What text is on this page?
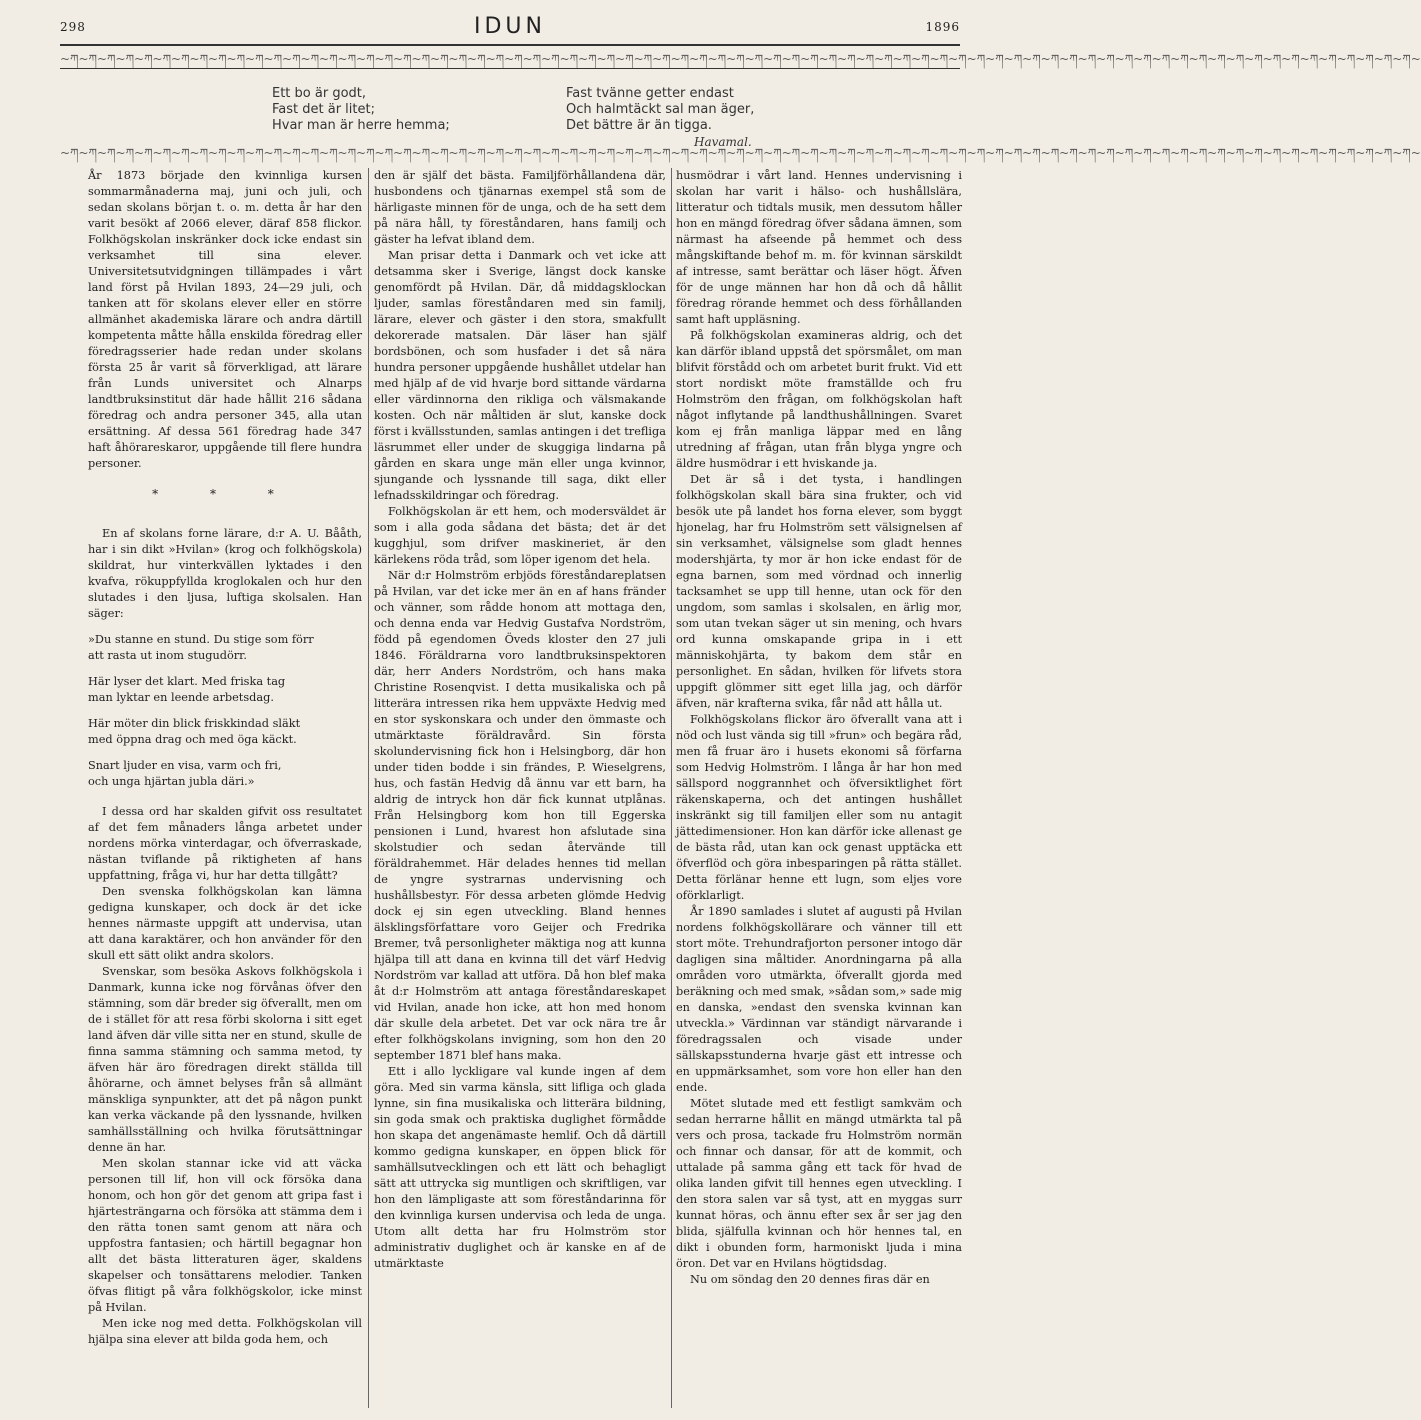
298	IDUN	1896
~ཀ~ཀ~ཀ~ཀ~ཀ~ཀ~ཀ~ཀ~ཀ~ཀ~ཀ~ཀ~ཀ~ཀ~ཀ~ཀ~ཀ~ཀ~ཀ~ཀ~ཀ~ཀ~ཀ~ཀ~ཀ~ཀ~ཀ~ཀ~ཀ~ཀ~ཀ~ཀ~ཀ~ཀ~ཀ~ཀ~ཀ~ཀ~ཀ~ཀ~ཀ~ཀ~ཀ~ཀ~ཀ~ཀ~ཀ~ཀ~ཀ~ཀ~ཀ~ཀ~ཀ~ཀ~ཀ~ཀ~ཀ~ཀ~ཀ~ཀ~ཀ~ཀ~ཀ~ཀ~ཀ~ཀ~ཀ~ཀ~ཀ~ཀ~ཀ~ཀ~ཀ~
Ett bo är godt,
Fast det är litet;
Hvar man är herre hemma;
Fast tvänne getter endast
Och halmtäckt sal man äger,
Det bättre är än tigga.
Havamal.
~ཀ~ཀ~ཀ~ཀ~ཀ~ཀ~ཀ~ཀ~ཀ~ཀ~ཀ~ཀ~ཀ~ཀ~ཀ~ཀ~ཀ~ཀ~ཀ~ཀ~ཀ~ཀ~ཀ~ཀ~ཀ~ཀ~ཀ~ཀ~ཀ~ཀ~ཀ~ཀ~ཀ~ཀ~ཀ~ཀ~ཀ~ཀ~ཀ~ཀ~ཀ~ཀ~ཀ~ཀ~ཀ~ཀ~ཀ~ཀ~ཀ~ཀ~ཀ~ཀ~ཀ~ཀ~ཀ~ཀ~ཀ~ཀ~ཀ~ཀ~ཀ~ཀ~ཀ~ཀ~ཀ~ཀ~ཀ~ཀ~ཀ~ཀ~ཀ~ཀ~ཀ~

År 1873 började den kvinnliga kursen sommarmånaderna maj, juni och juli, och sedan skolans början t. o. m. detta år har den varit besökt af 2066 elever, däraf 858 flickor. Folkhögskolan inskränker dock icke endast sin verksamhet till sina elever. Universitetsutvidgningen tillämpades i vårt land först på Hvilan 1893, 24—29 juli, och tanken att för skolans elever eller en större allmänhet akademiska lärare och andra därtill kompetenta måtte hålla enskilda föredrag eller föredragsserier hade redan under skolans första 25 år varit så förverkligad, att lärare från Lunds universitet och Alnarps landtbruksinstitut där hade hållit 216 sådana föredrag och andra personer 345, alla utan ersättning. Af dessa 561 föredrag hade 347 haft åhörareskaror, uppgående till flere hundra personer.

* * *

En af skolans forne lärare, d:r A. U. Bååth, har i sin dikt »Hvilan» (krog och folkhögskola) skildrat, hur vinterkvällen lyktades i den kvafva, rökuppfyllda kroglokalen och hur den slutades i den ljusa, luftiga skolsalen. Han säger:

»Du stanne en stund. Du stige som förr
att rasta ut inom stugudörr.

Här lyser det klart. Med friska tag
man lyktar en leende arbetsdag.

Här möter din blick friskkindad släkt
med öppna drag och med öga käckt.

Snart ljuder en visa, varm och fri,
och unga hjärtan jubla däri.»

I dessa ord har skalden gifvit oss resultatet af det fem månaders långa arbetet under nordens mörka vinterdagar, och öfverraskade, nästan tviflande på riktigheten af hans uppfattning, fråga vi, hur har detta tillgått?

Den svenska folkhögskolan kan lämna gedigna kunskaper, och dock är det icke hennes närmaste uppgift att undervisa, utan att dana karaktärer, och hon använder för den skull ett sätt olikt andra skolors.

Svenskar, som besöka Askovs folkhögskola i Danmark, kunna icke nog förvånas öfver den stämning, som där breder sig öfverallt, men om de i stället för att resa förbi skolorna i sitt eget land äfven där ville sitta ner en stund, skulle de finna samma stämning och samma metod, ty äfven här äro föredragen direkt ställda till åhörarne, och ämnet belyses från så allmänt mänskliga synpunkter, att det på någon punkt kan verka väckande på den lyssnande, hvilken samhällsställning och hvilka förutsättningar denne än har.

Men skolan stannar icke vid att väcka personen till lif, hon vill ock försöka dana honom, och hon gör det genom att gripa fast i hjärtesträngarna och försöka att stämma dem i den rätta tonen samt genom att nära och uppfostra fantasien; och härtill begagnar hon allt det bästa litteraturen äger, skaldens skapelser och tonsättarens melodier. Tanken öfvas flitigt på våra folkhögskolor, icke minst på Hvilan.

Men icke nog med detta. Folkhögskolan vill hjälpa sina elever att bilda goda hem, och

den är själf det bästa. Familjförhållandena där, husbondens och tjänarnas exempel stå som de härligaste minnen för de unga, och de ha sett dem på nära håll, ty föreståndaren, hans familj och gäster ha lefvat ibland dem.

Man prisar detta i Danmark och vet icke att detsamma sker i Sverige, längst dock kanske genomfördt på Hvilan. Där, då middagsklockan ljuder, samlas föreståndaren med sin familj, lärare, elever och gäster i den stora, smakfullt dekorerade matsalen. Där läser han själf bordsbönen, och som husfader i det så nära hundra personer uppgående hushållet utdelar han med hjälp af de vid hvarje bord sittande värdarna eller värdinnorna den rikliga och välsmakande kosten. Och när måltiden är slut, kanske dock först i kvällsstunden, samlas antingen i det trefliga läsrummet eller under de skuggiga lindarna på gården en skara unge män eller unga kvinnor, sjungande och lyssnande till saga, dikt eller lefnadsskildringar och föredrag.

Folkhögskolan är ett hem, och modersväldet är som i alla goda sådana det bästa; det är det kugghjul, som drifver maskineriet, är den kärlekens röda tråd, som löper igenom det hela.

När d:r Holmström erbjöds föreståndareplatsen på Hvilan, var det icke mer än en af hans fränder och vänner, som rådde honom att mottaga den, och denna enda var Hedvig Gustafva Nordström, född på egendomen Öveds kloster den 27 juli 1846. Föräldrarna voro landtbruksinspektoren där, herr Anders Nordström, och hans maka Christine Rosenqvist. I detta musikaliska och på litterära intressen rika hem uppväxte Hedvig med en stor syskonskara och under den ömmaste och utmärktaste föräldravård. Sin första skolundervisning fick hon i Helsingborg, där hon under tiden bodde i sin frändes, P. Wieselgrens, hus, och fastän Hedvig då ännu var ett barn, ha aldrig de intryck hon där fick kunnat utplånas. Från Helsingborg kom hon till Eggerska pensionen i Lund, hvarest hon afslutade sina skolstudier och sedan återvände till föräldrahemmet. Här delades hennes tid mellan de yngre systrarnas undervisning och hushållsbestyr. För dessa arbeten glömde Hedvig dock ej sin egen utveckling. Bland hennes älsklingsförfattare voro Geijer och Fredrika Bremer, två personligheter mäktiga nog att kunna hjälpa till att dana en kvinna till det värf Hedvig Nordström var kallad att utföra. Då hon blef maka åt d:r Holmström att antaga föreståndareskapet vid Hvilan, anade hon icke, att hon med honom där skulle dela arbetet. Det var ock nära tre år efter folkhögskolans invigning, som hon den 20 september 1871 blef hans maka.

Ett i allo lyckligare val kunde ingen af dem göra. Med sin varma känsla, sitt lifliga och glada lynne, sin fina musikaliska och litterära bildning, sin goda smak och praktiska duglighet förmådde hon skapa det angenämaste hemlif. Och då därtill kommo gedigna kunskaper, en öppen blick för samhällsutvecklingen och ett lätt och behagligt sätt att uttrycka sig muntligen och skriftligen, var hon den lämpligaste att som föreståndarinna för den kvinnliga kursen undervisa och leda de unga. Utom allt detta har fru Holmström stor administrativ duglighet och är kanske en af de utmärktaste

husmödrar i vårt land. Hennes undervisning i skolan har varit i hälso- och hushållslära, litteratur och tidtals musik, men dessutom håller hon en mängd föredrag öfver sådana ämnen, som närmast ha afseende på hemmet och dess mångskiftande behof m. m. för kvinnan särskildt af intresse, samt berättar och läser högt. Äfven för de unge männen har hon då och då hållit föredrag rörande hemmet och dess förhållanden samt haft uppläsning.

På folkhögskolan examineras aldrig, och det kan därför ibland uppstå det spörsmålet, om man blifvit förstådd och om arbetet burit frukt. Vid ett stort nordiskt möte framställde och fru Holmström den frågan, om folkhögskolan haft något inflytande på landthushållningen. Svaret kom ej från manliga läppar med en lång utredning af frågan, utan från blyga yngre och äldre husmödrar i ett hviskande ja.

Det är så i det tysta, i handlingen folkhögskolan skall bära sina frukter, och vid besök ute på landet hos forna elever, som byggt hjonelag, har fru Holmström sett välsignelsen af sin verksamhet, välsignelse som gladt hennes modershjärta, ty mor är hon icke endast för de egna barnen, som med vördnad och innerlig tacksamhet se upp till henne, utan ock för den ungdom, som samlas i skolsalen, en ärlig mor, som utan tvekan säger ut sin mening, och hvars ord kunna omskapande gripa in i ett människohjärta, ty bakom dem står en personlighet. En sådan, hvilken för lifvets stora uppgift glömmer sitt eget lilla jag, och därför äfven, när krafterna svika, får nåd att hålla ut.

Folkhögskolans flickor äro öfverallt vana att i nöd och lust vända sig till »frun» och begära råd, men få fruar äro i husets ekonomi så förfarna som Hedvig Holmström. I långa år har hon med sällspord noggrannhet och öfversiktlighet fört räkenskaperna, och det antingen hushållet inskränkt sig till familjen eller som nu antagit jättedimensioner. Hon kan därför icke allenast ge de bästa råd, utan kan ock genast upptäcka ett öfverflöd och göra inbesparingen på rätta stället. Detta förlänar henne ett lugn, som eljes vore oförklarligt.

År 1890 samlades i slutet af augusti på Hvilan nordens folkhögskollärare och vänner till ett stort möte. Trehundrafjorton personer intogo där dagligen sina måltider. Anordningarna på alla områden voro utmärkta, öfverallt gjorda med beräkning och med smak, »sådan som,» sade mig en danska, »endast den svenska kvinnan kan utveckla.» Värdinnan var ständigt närvarande i föredragssalen och visade under sällskapsstunderna hvarje gäst ett intresse och en uppmärksamhet, som vore hon eller han den ende.

Mötet slutade med ett festligt samkväm och sedan herrarne hållit en mängd utmärkta tal på vers och prosa, tackade fru Holmström normän och finnar och dansar, för att de kommit, och uttalade på samma gång ett tack för hvad de olika landen gifvit till hennes egen utveckling. I den stora salen var så tyst, att en myggas surr kunnat höras, och ännu efter sex år ser jag den blida, själfulla kvinnan och hör hennes tal, en dikt i obunden form, harmoniskt ljuda i mina öron. Det var en Hvilans högtidsdag.

Nu om söndag den 20 dennes firas där en
